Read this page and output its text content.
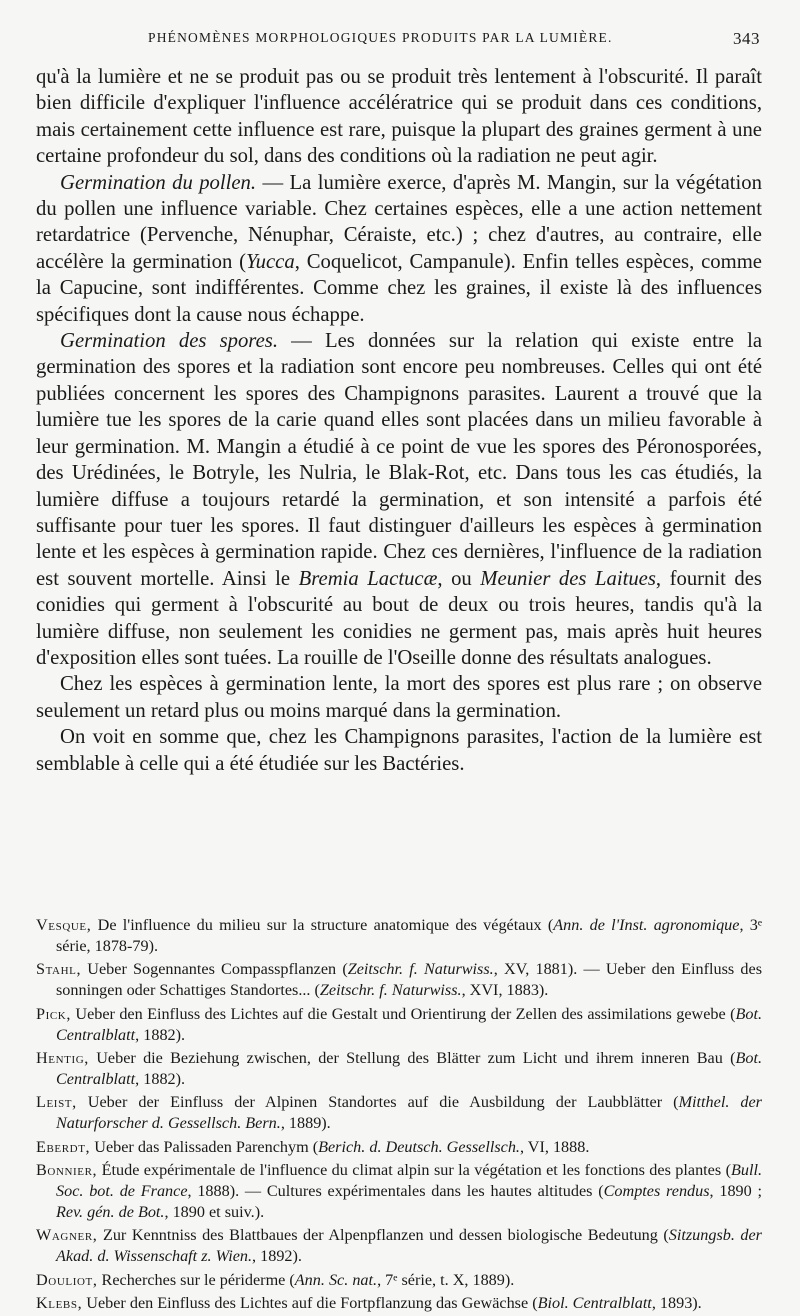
PHÉNOMÈNES MORPHOLOGIQUES PRODUITS PAR LA LUMIÈRE.	343

qu'à la lumière et ne se produit pas ou se produit très lentement à l'obscurité. Il paraît bien difficile d'expliquer l'influence accélératrice qui se produit dans ces conditions, mais certainement cette influence est rare, puisque la plupart des graines germent à une certaine profondeur du sol, dans des conditions où la radiation ne peut agir.

Germination du pollen. — La lumière exerce, d'après M. Mangin, sur la végétation du pollen une influence variable. Chez certaines espèces, elle a une action nettement retardatrice (Pervenche, Nénuphar, Céraiste, etc.) ; chez d'autres, au contraire, elle accélère la germination (Yucca, Coquelicot, Campanule). Enfin telles espèces, comme la Capucine, sont indifférentes. Comme chez les graines, il existe là des influences spécifiques dont la cause nous échappe.

Germination des spores. — Les données sur la relation qui existe entre la germination des spores et la radiation sont encore peu nombreuses. Celles qui ont été publiées concernent les spores des Champignons parasites. Laurent a trouvé que la lumière tue les spores de la carie quand elles sont placées dans un milieu favorable à leur germination. M. Mangin a étudié à ce point de vue les spores des Péronosporées, des Urédinées, le Botryle, les Nulria, le Blak-Rot, etc. Dans tous les cas étudiés, la lumière diffuse a toujours retardé la germination, et son intensité a parfois été suffisante pour tuer les spores. Il faut distinguer d'ailleurs les espèces à germination lente et les espèces à germination rapide. Chez ces dernières, l'influence de la radiation est souvent mortelle. Ainsi le Bremia Lactucæ, ou Meunier des Laitues, fournit des conidies qui germent à l'obscurité au bout de deux ou trois heures, tandis qu'à la lumière diffuse, non seulement les conidies ne germent pas, mais après huit heures d'exposition elles sont tuées. La rouille de l'Oseille donne des résultats analogues.

Chez les espèces à germination lente, la mort des spores est plus rare ; on observe seulement un retard plus ou moins marqué dans la germination.

On voit en somme que, chez les Champignons parasites, l'action de la lumière est semblable à celle qui a été étudiée sur les Bactéries.

Vesque, De l'influence du milieu sur la structure anatomique des végétaux (Ann. de l'Inst. agronomique, 3ᵉ série, 1878-79).

Stahl, Ueber Sogennantes Compasspflanzen (Zeitschr. f. Naturwiss., XV, 1881). — Ueber den Einfluss des sonningen oder Schattiges Standortes... (Zeitschr. f. Naturwiss., XVI, 1883).

Pick, Ueber den Einfluss des Lichtes auf die Gestalt und Orientirung der Zellen des assimilations gewebe (Bot. Centralblatt, 1882).

Hentig, Ueber die Beziehung zwischen, der Stellung des Blätter zum Licht und ihrem inneren Bau (Bot. Centralblatt, 1882).

Leist, Ueber der Einfluss der Alpinen Standortes auf die Ausbildung der Laubblätter (Mitthel. der Naturforscher d. Gessellsch. Bern., 1889).

Eberdt, Ueber das Palissaden Parenchym (Berich. d. Deutsch. Gessellsch., VI, 1888.

Bonnier, Étude expérimentale de l'influence du climat alpin sur la végétation et les fonctions des plantes (Bull. Soc. bot. de France, 1888). — Cultures expérimentales dans les hautes altitudes (Comptes rendus, 1890 ; Rev. gén. de Bot., 1890 et suiv.).

Wagner, Zur Kenntniss des Blattbaues der Alpenpflanzen und dessen biologische Bedeutung (Sitzungsb. der Akad. d. Wissenschaft z. Wien., 1892).

Douliot, Recherches sur le périderme (Ann. Sc. nat., 7ᵉ série, t. X, 1889).

Klebs, Ueber den Einfluss des Lichtes auf die Fortpflanzung das Gewächse (Biol. Centralblatt, 1893).
